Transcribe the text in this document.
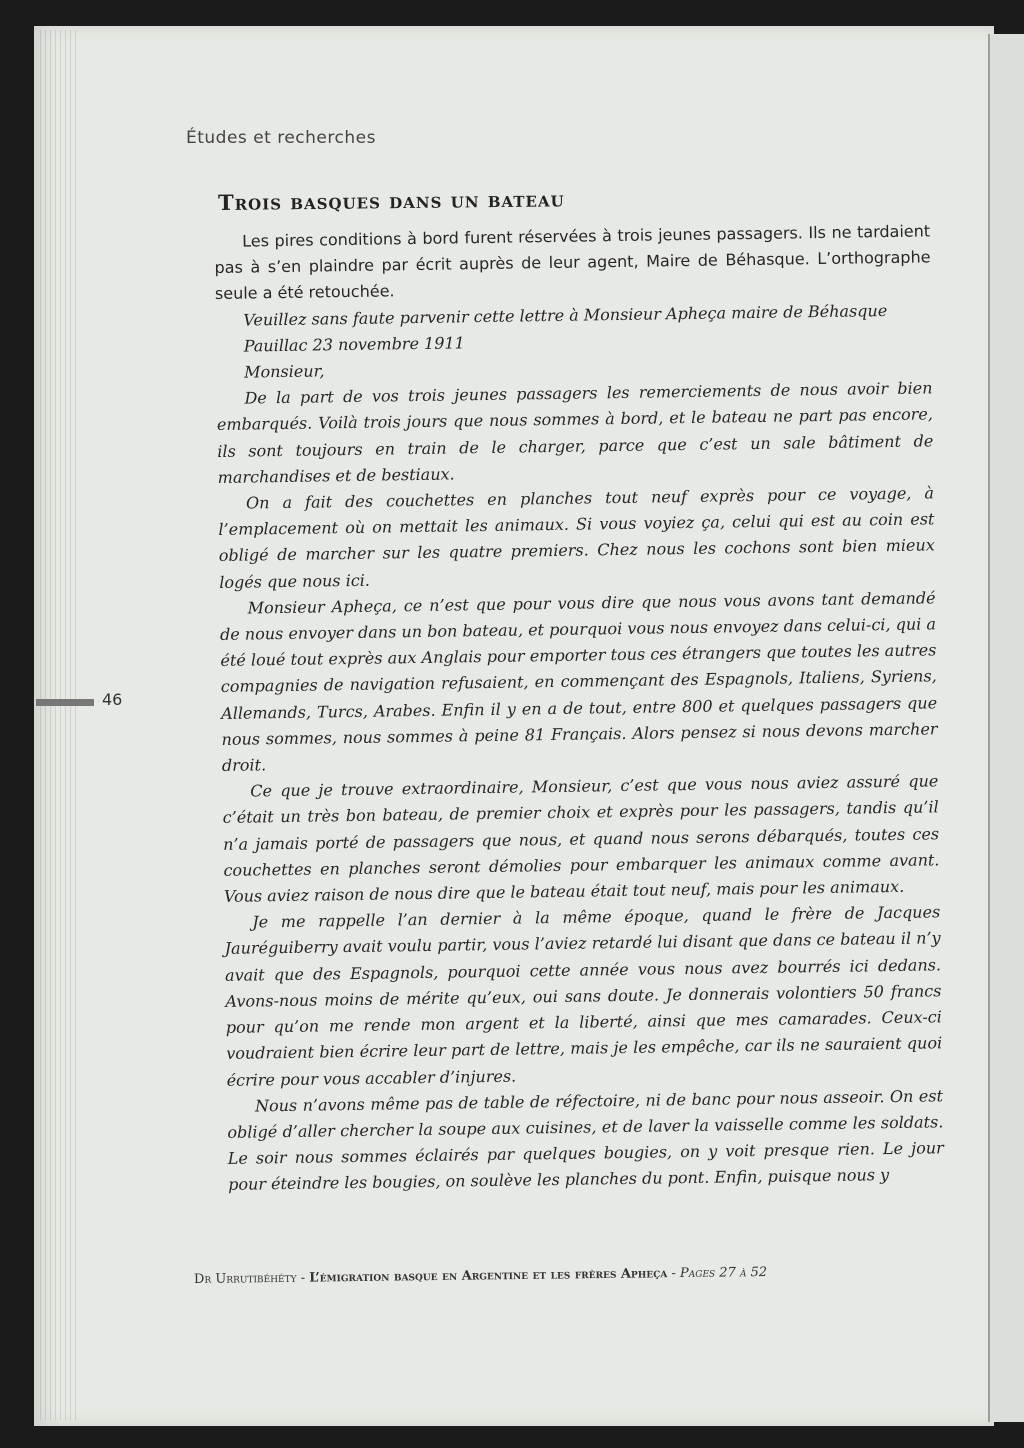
Études et recherches
Trois basques dans un bateau

Les pires conditions à bord furent réservées à trois jeunes passagers. Ils ne tardaient pas à s’en plaindre par écrit auprès de leur agent, Maire de Béhasque. L’orthographe seule a été retouchée.

Veuillez sans faute parvenir cette lettre à Monsieur Apheça maire de Béhasque

Pauillac 23 novembre 1911

Monsieur,

De la part de vos trois jeunes passagers les remerciements de nous avoir bien embarqués. Voilà trois jours que nous sommes à bord, et le bateau ne part pas encore, ils sont toujours en train de le charger, parce que c’est un sale bâtiment de marchandises et de bestiaux.

On a fait des couchettes en planches tout neuf exprès pour ce voyage, à l’emplacement où on mettait les animaux. Si vous voyiez ça, celui qui est au coin est obligé de marcher sur les quatre premiers. Chez nous les cochons sont bien mieux logés que nous ici.

Monsieur Apheça, ce n’est que pour vous dire que nous vous avons tant demandé de nous envoyer dans un bon bateau, et pourquoi vous nous envoyez dans celui-ci, qui a été loué tout exprès aux Anglais pour emporter tous ces étrangers que toutes les autres compagnies de navigation refusaient, en commençant des Espagnols, Italiens, Syriens, Allemands, Turcs, Arabes. Enfin il y en a de tout, entre 800 et quelques passagers que nous sommes, nous sommes à peine 81 Français. Alors pensez si nous devons marcher droit.

Ce que je trouve extraordinaire, Monsieur, c’est que vous nous aviez assuré que c’était un très bon bateau, de premier choix et exprès pour les passagers, tandis qu’il n’a jamais porté de passagers que nous, et quand nous serons débarqués, toutes ces couchettes en planches seront démolies pour embarquer les animaux comme avant. Vous aviez raison de nous dire que le bateau était tout neuf, mais pour les animaux.

Je me rappelle l’an dernier à la même époque, quand le frère de Jacques Jauréguiberry avait voulu partir, vous l’aviez retardé lui disant que dans ce bateau il n’y avait que des Espagnols, pourquoi cette année vous nous avez bourrés ici dedans. Avons-nous moins de mérite qu’eux, oui sans doute. Je donnerais volontiers 50 francs pour qu’on me rende mon argent et la liberté, ainsi que mes camarades. Ceux-ci voudraient bien écrire leur part de lettre, mais je les empêche, car ils ne sauraient quoi écrire pour vous accabler d’injures.

Nous n’avons même pas de table de réfectoire, ni de banc pour nous asseoir. On est obligé d’aller chercher la soupe aux cuisines, et de laver la vaisselle comme les soldats. Le soir nous sommes éclairés par quelques bougies, on y voit presque rien. Le jour pour éteindre les bougies, on soulève les planches du pont. Enfin, puisque nous y

46
Dr Urrutibéhéty - L’émigration basque en Argentine et les frères Apheça - Pages 27 à 52
